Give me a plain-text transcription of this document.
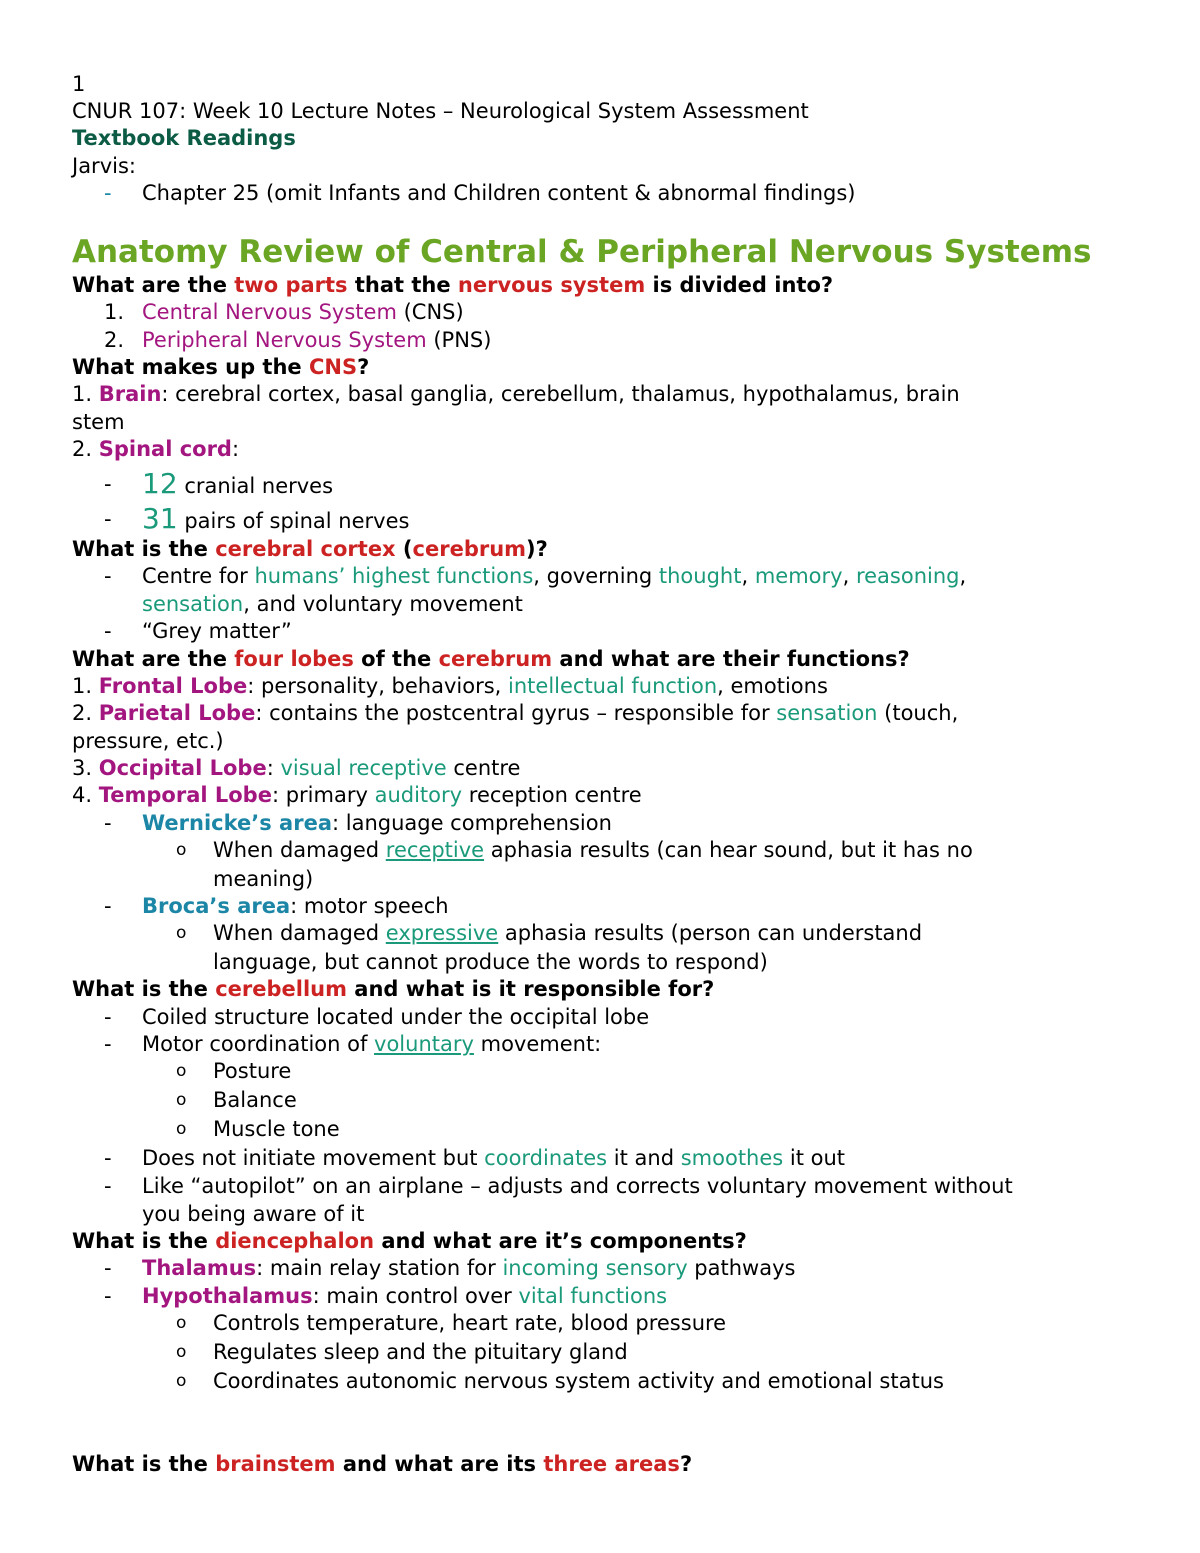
1
CNUR 107: Week 10 Lecture Notes – Neurological System Assessment
Textbook Readings
Jarvis:
-	Chapter 25 (omit Infants and Children content & abnormal findings)
Anatomy Review of Central & Peripheral Nervous Systems
What are the two parts that the nervous system is divided into?
1. Central Nervous System (CNS)
2. Peripheral Nervous System (PNS)
What makes up the CNS?
1. Brain: cerebral cortex, basal ganglia, cerebellum, thalamus, hypothalamus, brain
stem
2. Spinal cord:
-	12 cranial nerves
-	31 pairs of spinal nerves
What is the cerebral cortex (cerebrum)?
-	Centre for humans’ highest functions, governing thought, memory, reasoning,
sensation, and voluntary movement
-	“Grey matter”
What are the four lobes of the cerebrum and what are their functions?
1. Frontal Lobe: personality, behaviors, intellectual function, emotions
2. Parietal Lobe: contains the postcentral gyrus – responsible for sensation (touch,
pressure, etc.)
3. Occipital Lobe: visual receptive centre
4. Temporal Lobe: primary auditory reception centre
-	Wernicke’s area: language comprehension
o	When damaged receptive aphasia results (can hear sound, but it has no
meaning)
-	Broca’s area: motor speech
o	When damaged expressive aphasia results (person can understand
language, but cannot produce the words to respond)
What is the cerebellum and what is it responsible for?
-	Coiled structure located under the occipital lobe
-	Motor coordination of voluntary movement:
o	Posture
o	Balance
o	Muscle tone
-	Does not initiate movement but coordinates it and smoothes it out
-	Like “autopilot” on an airplane – adjusts and corrects voluntary movement without
you being aware of it
What is the diencephalon and what are it’s components?
-	Thalamus: main relay station for incoming sensory pathways
-	Hypothalamus: main control over vital functions
o	Controls temperature, heart rate, blood pressure
o	Regulates sleep and the pituitary gland
o	Coordinates autonomic nervous system activity and emotional status
What is the brainstem and what are its three areas?
